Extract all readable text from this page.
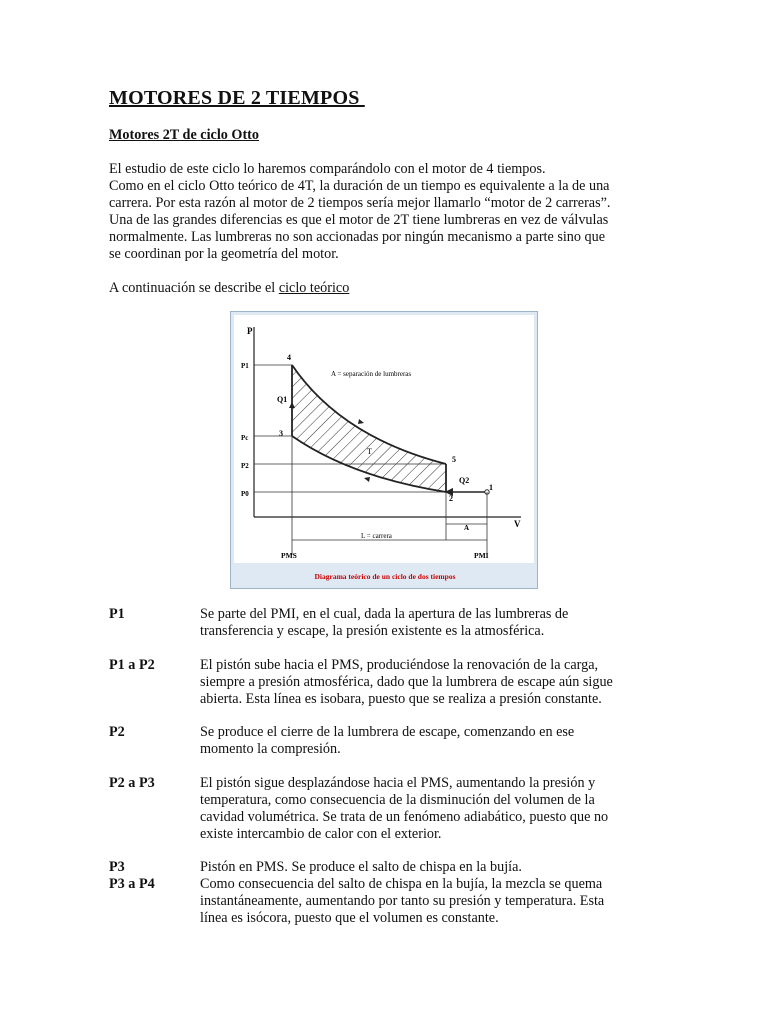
MOTORES DE 2 TIEMPOS
Motores 2T de ciclo Otto
El estudio de este ciclo lo haremos comparándolo con el motor de 4 tiempos.
Como en el ciclo Otto teórico de 4T, la duración de un tiempo es equivalente a la de una
carrera. Por esta razón al motor de 2 tiempos sería mejor llamarlo “motor de 2 carreras”.
Una de las grandes diferencias es que el motor de 2T tiene lumbreras en vez de válvulas
normalmente. Las lumbreras no son accionadas por ningún mecanismo a parte sino que
se coordinan por la geometría del motor.
A continuación se describe el ciclo teórico
P
V
P1
Pc
P2
P0
1
2
3
4
5
Q1
Q2
A = separación de lumbreras
T
A
L = carrera
PMS	PMI
Diagrama teórico de un ciclo de dos tiempos
P1	Se parte del PMI, en el cual, dada la apertura de las lumbreras de
transferencia y escape, la presión existente es la atmosférica.
P1 a P2	El pistón sube hacia el PMS, produciéndose la renovación de la carga,
siempre a presión atmosférica, dado que la lumbrera de escape aún sigue
abierta. Esta línea es isobara, puesto que se realiza a presión constante.
P2	Se produce el cierre de la lumbrera de escape, comenzando en ese
momento la compresión.
P2 a P3	El pistón sigue desplazándose hacia el PMS, aumentando la presión y
temperatura, como consecuencia de la disminución del volumen de la
cavidad volumétrica. Se trata de un fenómeno adiabático, puesto que no
existe intercambio de calor con el exterior.
P3	Pistón en PMS. Se produce el salto de chispa en la bujía.
P3 a P4	Como consecuencia del salto de chispa en la bujía, la mezcla se quema
instantáneamente, aumentando por tanto su presión y temperatura. Esta
línea es isócora, puesto que el volumen es constante.
